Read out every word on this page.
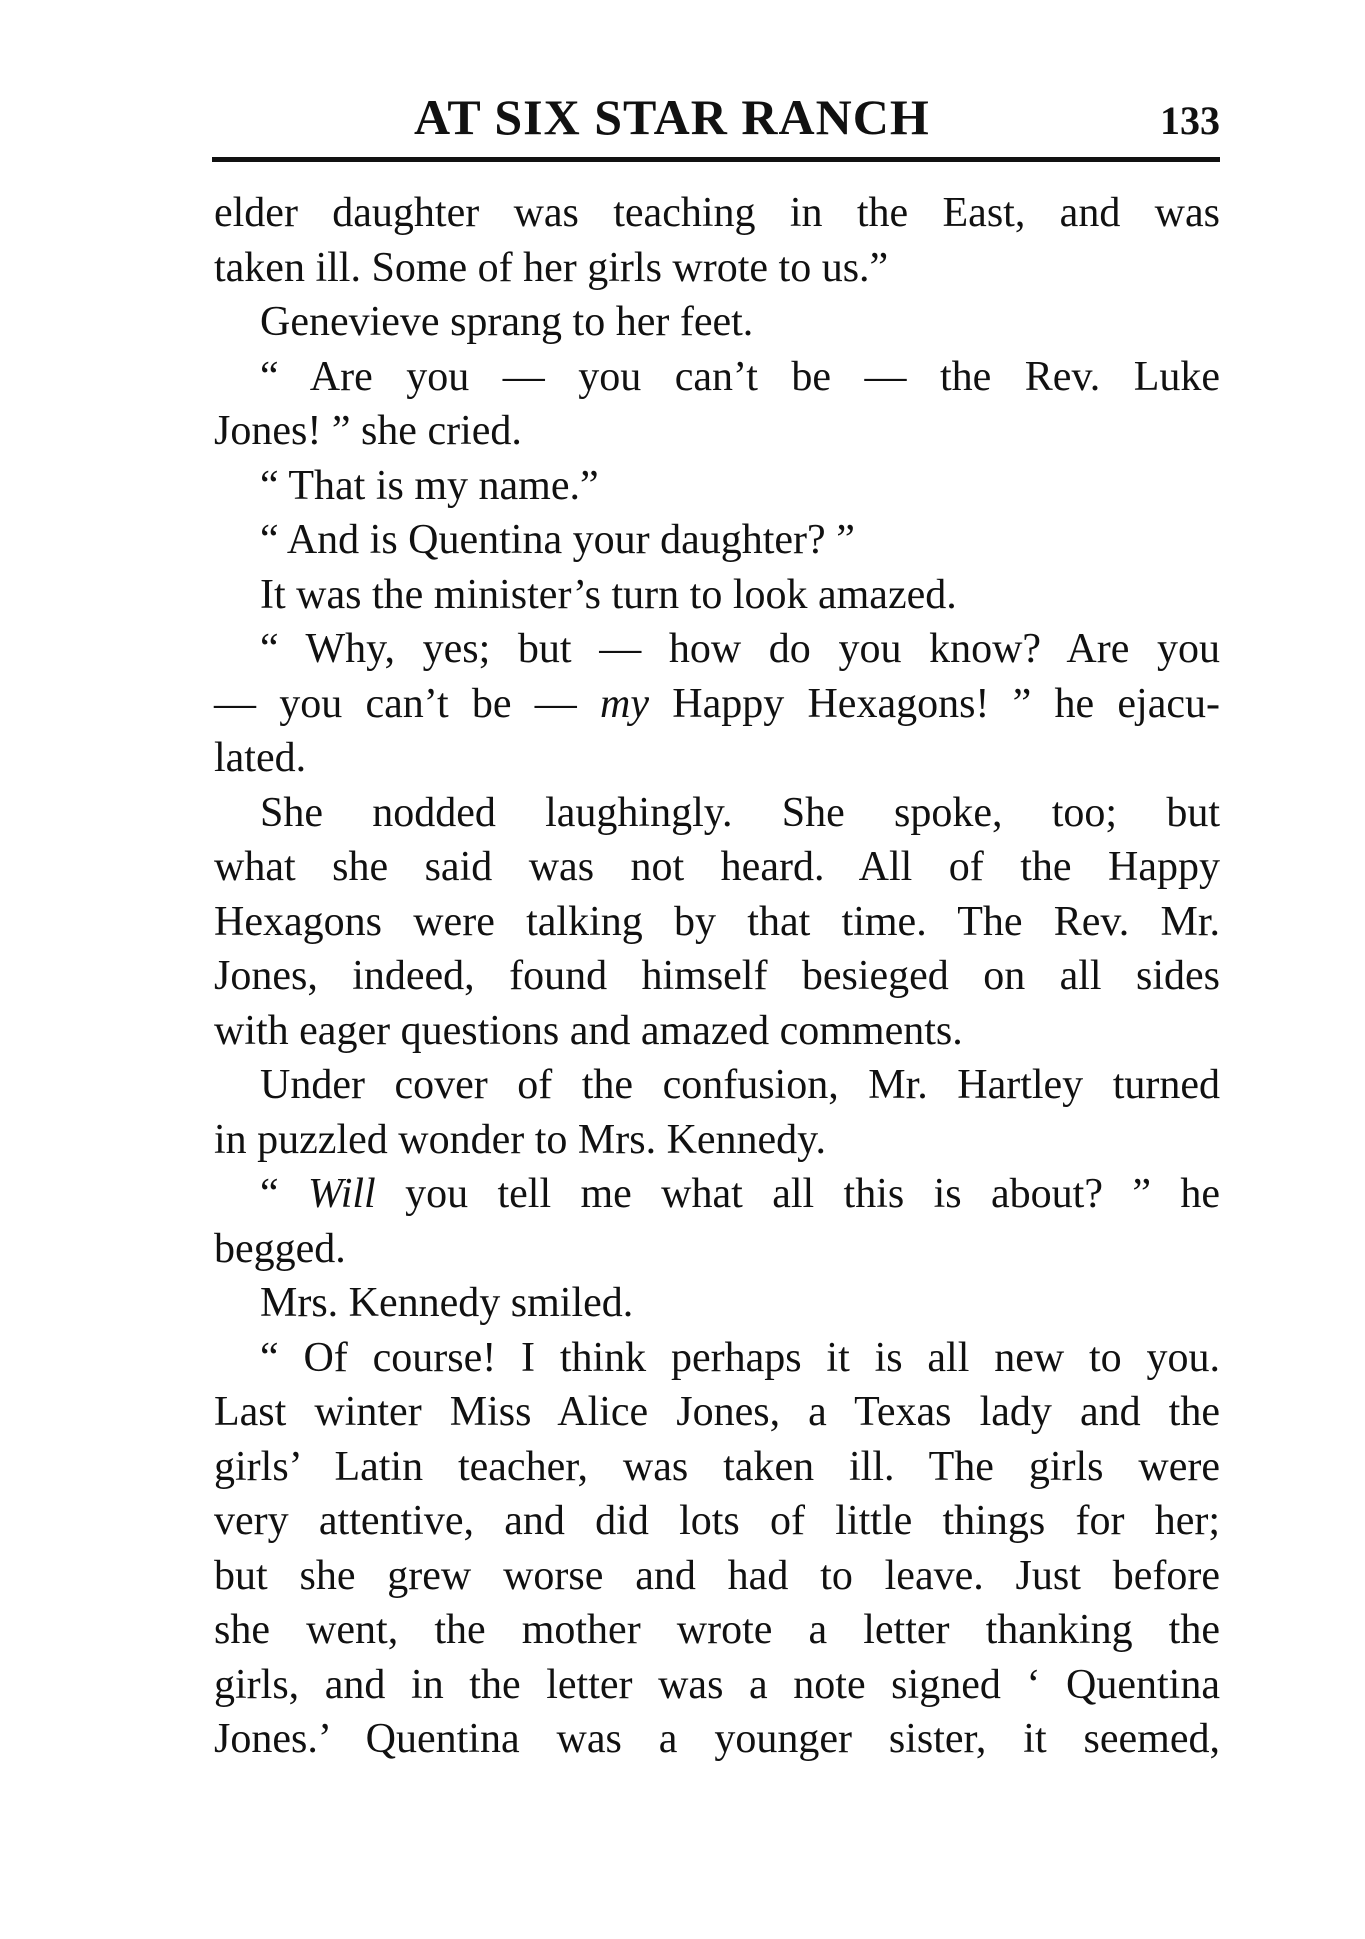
AT SIX STAR RANCH	133
elder daughter was teaching in the East, and was
taken ill. Some of her girls wrote to us.”
Genevieve sprang to her feet.
“ Are you — you can’t be — the Rev. Luke
Jones! ” she cried.
“ That is my name.”
“ And is Quentina your daughter? ”
It was the minister’s turn to look amazed.
“ Why, yes; but — how do you know? Are you
— you can’t be — my Happy Hexagons! ” he ejacu-
lated.
She nodded laughingly. She spoke, too; but
what she said was not heard. All of the Happy
Hexagons were talking by that time. The Rev. Mr.
Jones, indeed, found himself besieged on all sides
with eager questions and amazed comments.
Under cover of the confusion, Mr. Hartley turned
in puzzled wonder to Mrs. Kennedy.
“ Will you tell me what all this is about? ” he
begged.
Mrs. Kennedy smiled.
“ Of course! I think perhaps it is all new to you.
Last winter Miss Alice Jones, a Texas lady and the
girls’ Latin teacher, was taken ill. The girls were
very attentive, and did lots of little things for her;
but she grew worse and had to leave. Just before
she went, the mother wrote a letter thanking the
girls, and in the letter was a note signed ‘ Quentina
Jones.’ Quentina was a younger sister, it seemed,
